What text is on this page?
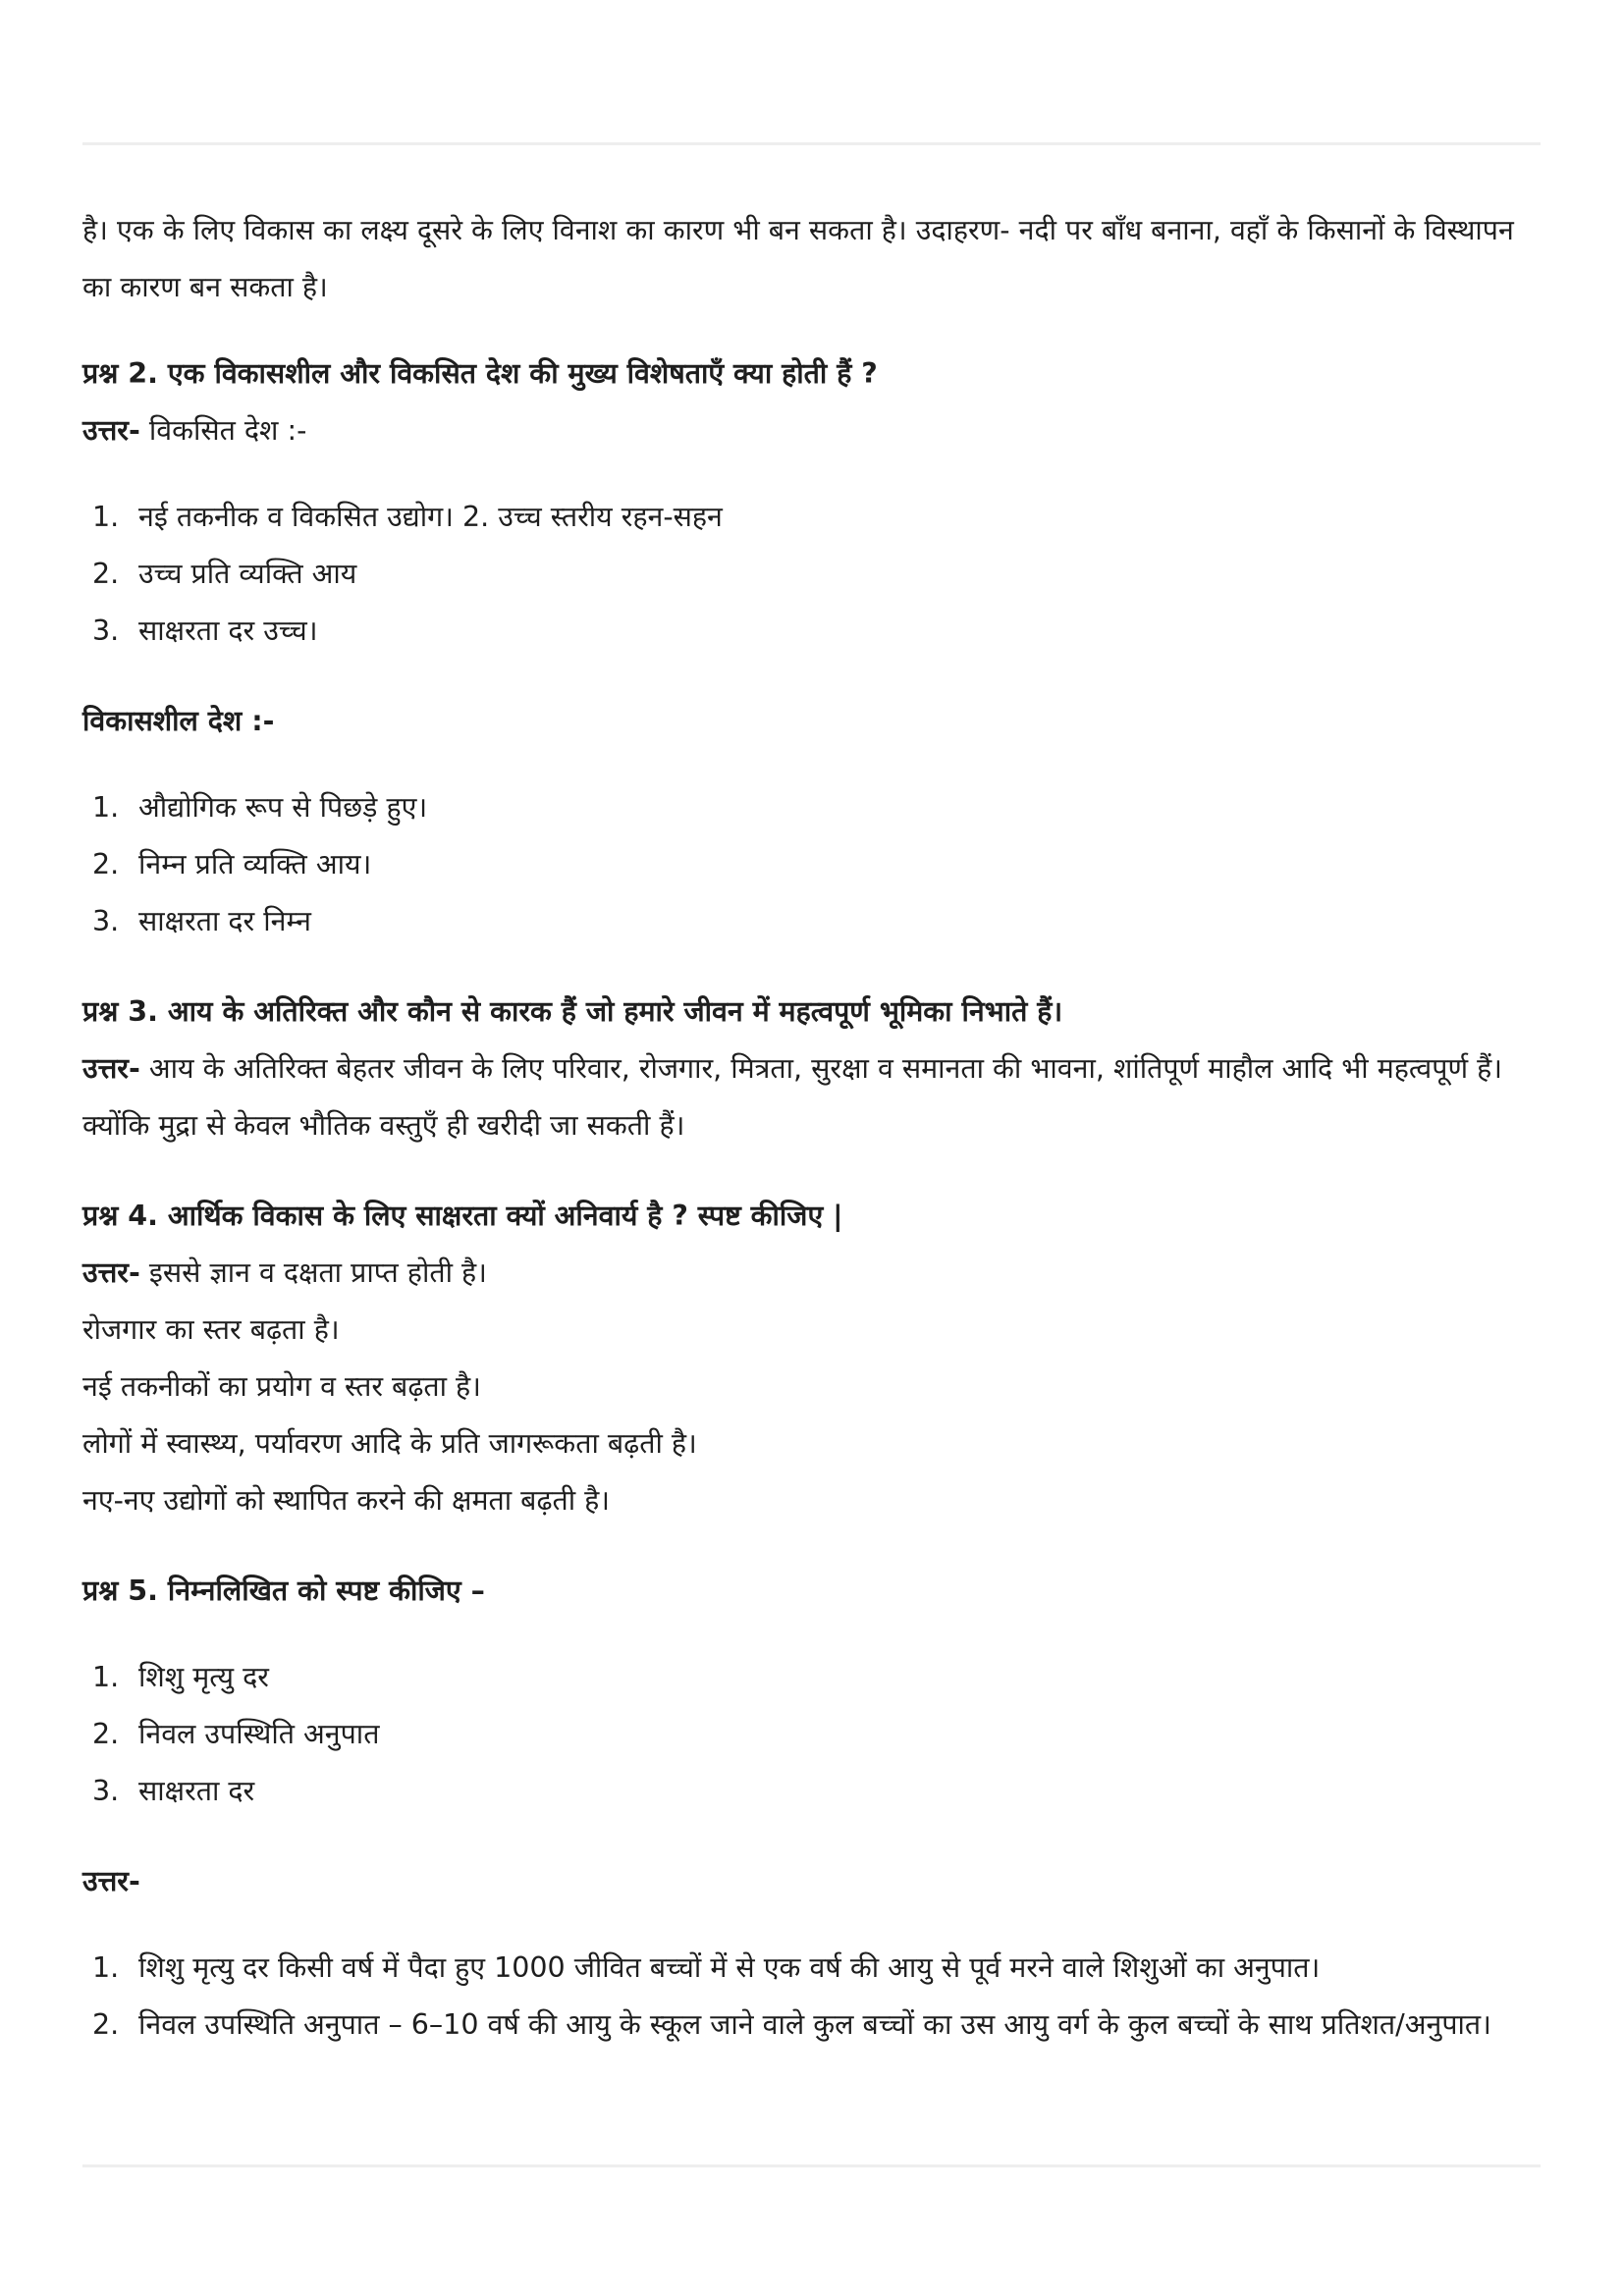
है। एक के लिए विकास का लक्ष्य दूसरे के लिए विनाश का कारण भी बन सकता है। उदाहरण- नदी पर बाँध बनाना, वहाँ के किसानों के विस्थापन का कारण बन सकता है।

प्रश्न 2. एक विकासशील और विकसित देश की मुख्य विशेषताएँ क्या होती हैं ?

उत्तर- विकसित देश :-

1. नई तकनीक व विकसित उद्योग। 2. उच्च स्तरीय रहन-सहन
2. उच्च प्रति व्यक्ति आय
3. साक्षरता दर उच्च।

विकासशील देश :-

1. औद्योगिक रूप से पिछड़े हुए।
2. निम्न प्रति व्यक्ति आय।
3. साक्षरता दर निम्न

प्रश्न 3. आय के अतिरिक्त और कौन से कारक हैं जो हमारे जीवन में महत्वपूर्ण भूमिका निभाते हैं।

उत्तर- आय के अतिरिक्त बेहतर जीवन के लिए परिवार, रोजगार, मित्रता, सुरक्षा व समानता की भावना, शांतिपूर्ण माहौल आदि भी महत्वपूर्ण हैं। क्योंकि मुद्रा से केवल भौतिक वस्तुएँ ही खरीदी जा सकती हैं।

प्रश्न 4. आर्थिक विकास के लिए साक्षरता क्यों अनिवार्य है ? स्पष्ट कीजिए |

उत्तर- इससे ज्ञान व दक्षता प्राप्त होती है।

रोजगार का स्तर बढ़ता है।

नई तकनीकों का प्रयोग व स्तर बढ़ता है।

लोगों में स्वास्थ्य, पर्यावरण आदि के प्रति जागरूकता बढ़ती है।

नए-नए उद्योगों को स्थापित करने की क्षमता बढ़ती है।

प्रश्न 5. निम्नलिखित को स्पष्ट कीजिए –

1. शिशु मृत्यु दर
2. निवल उपस्थिति अनुपात
3. साक्षरता दर

उत्तर-

1. शिशु मृत्यु दर किसी वर्ष में पैदा हुए 1000 जीवित बच्चों में से एक वर्ष की आयु से पूर्व मरने वाले शिशुओं का अनुपात।
2. निवल उपस्थिति अनुपात – 6–10 वर्ष की आयु के स्कूल जाने वाले कुल बच्चों का उस आयु वर्ग के कुल बच्चों के साथ प्रतिशत/अनुपात।
